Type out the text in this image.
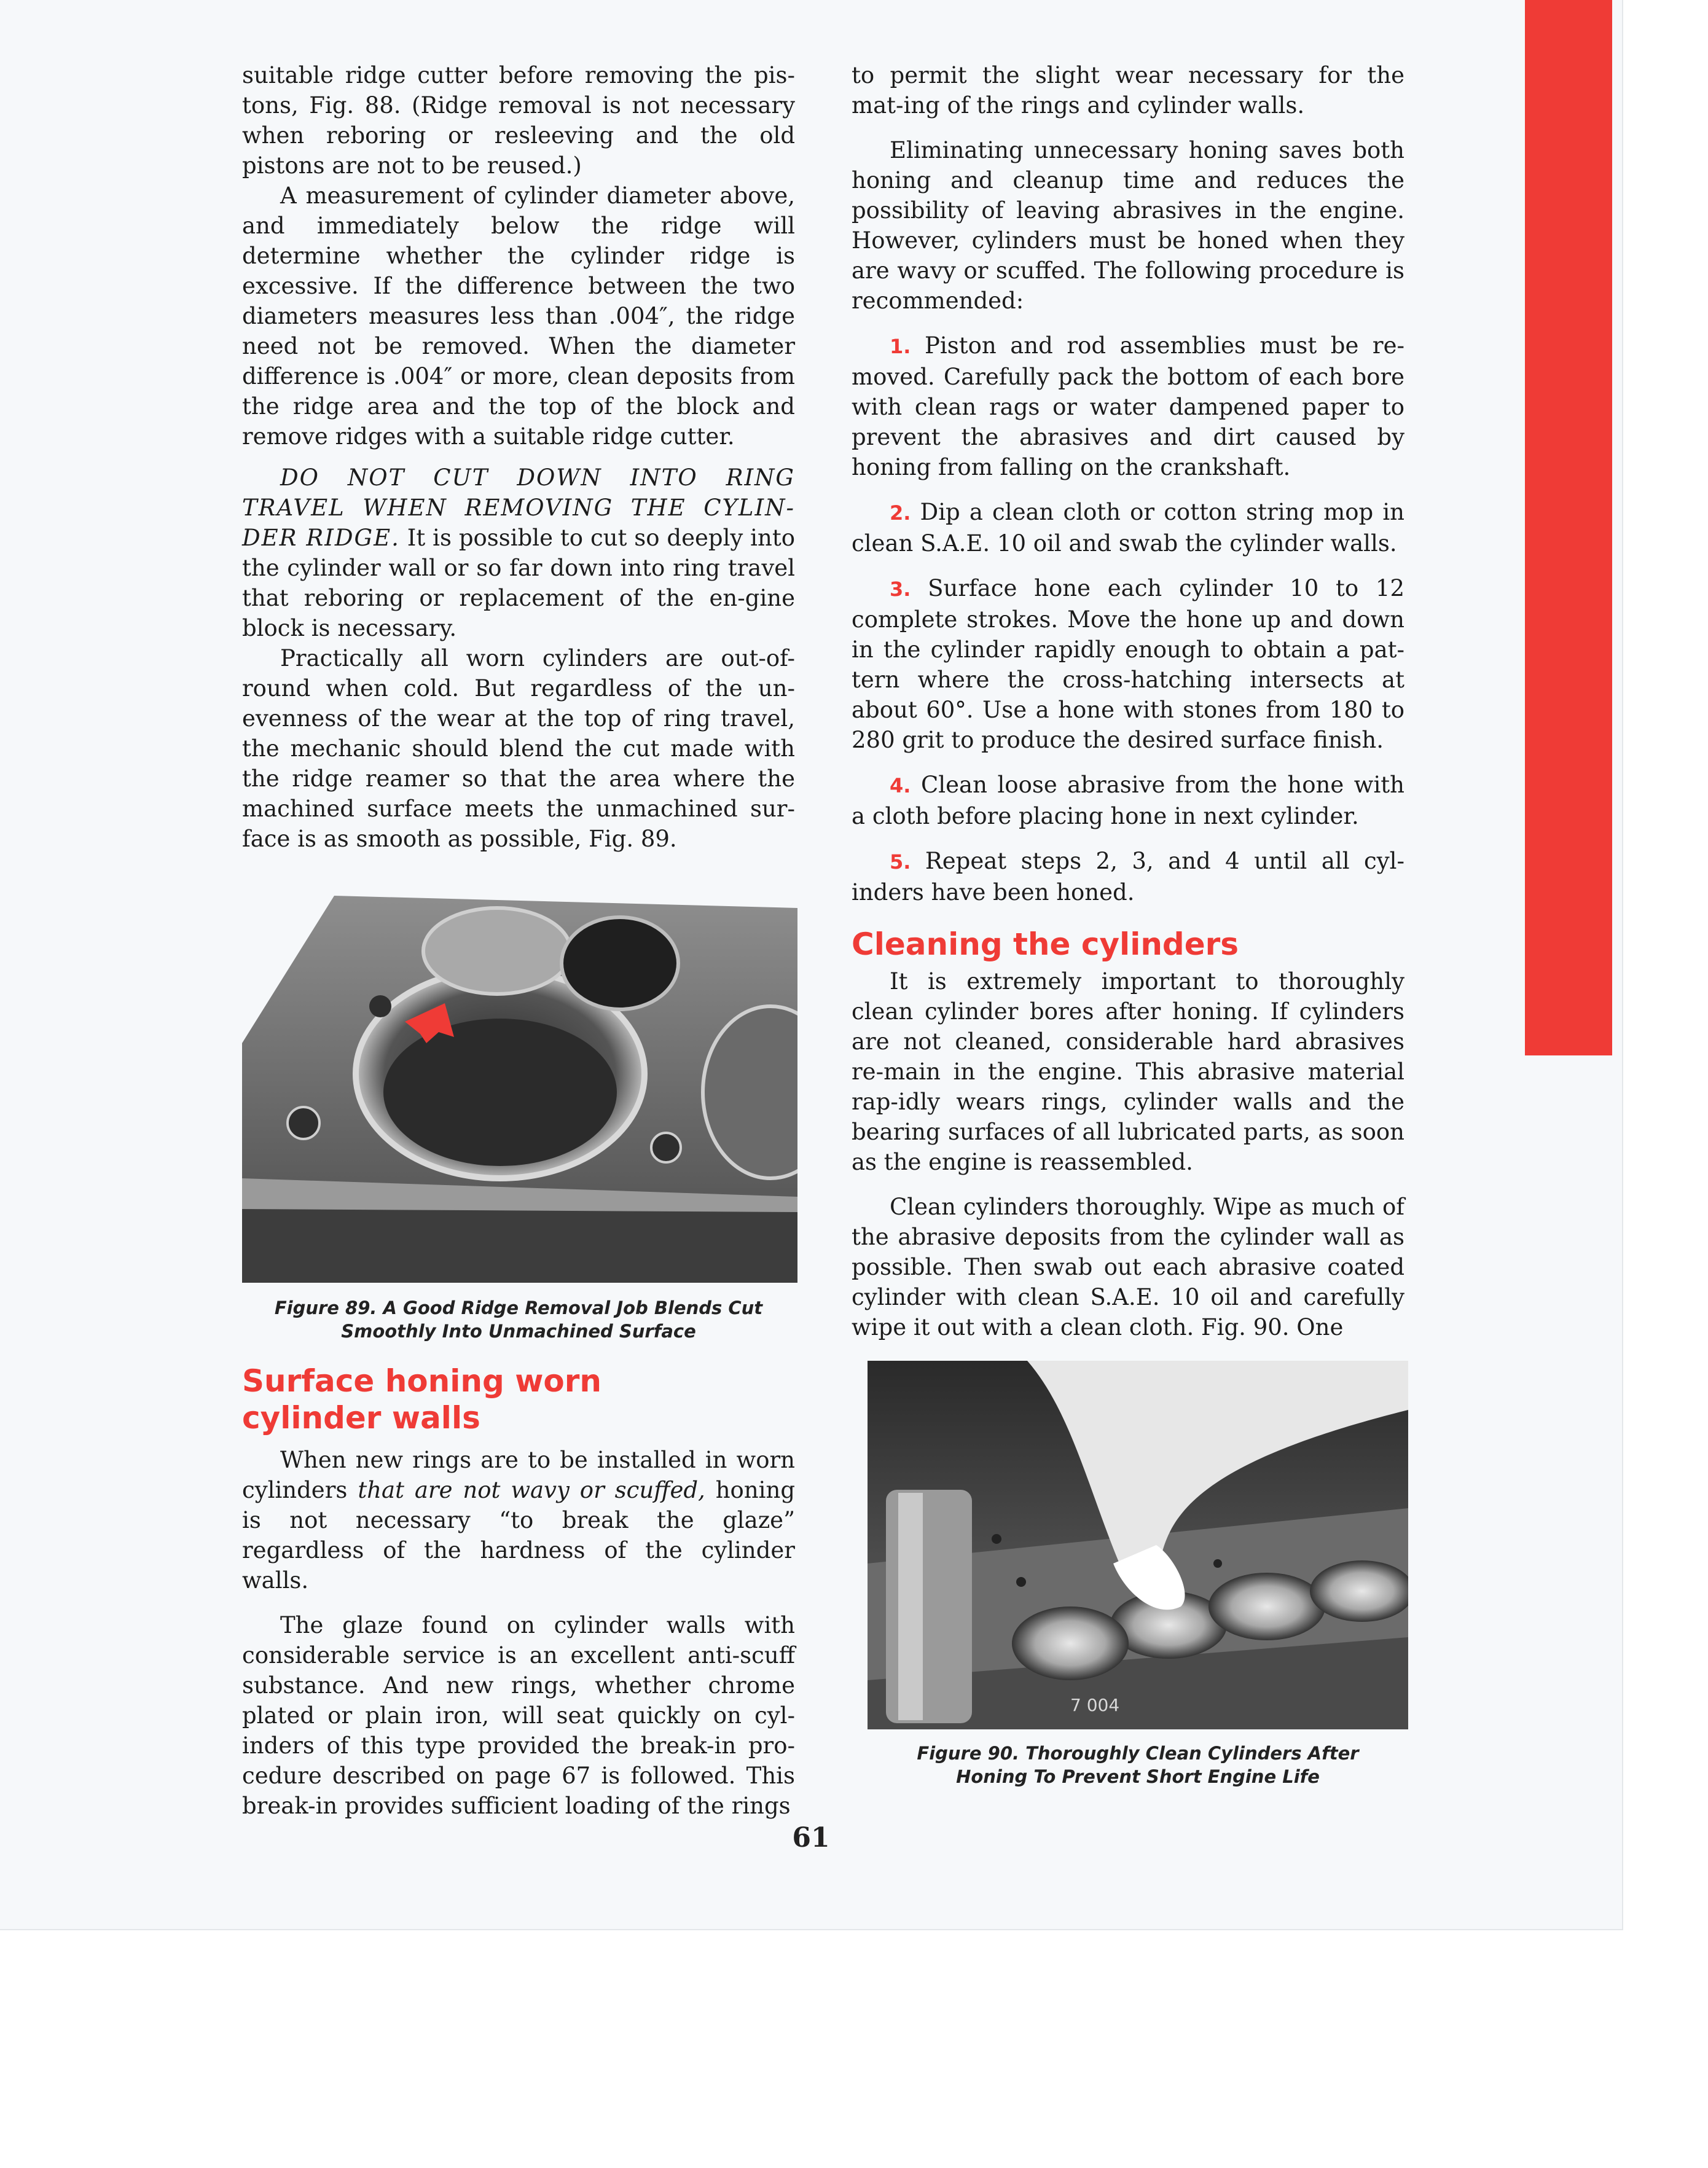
suitable ridge cutter before removing the pis-tons, Fig. 88. (Ridge removal is not necessary when reboring or resleeving and the old pistons are not to be reused.)

A measurement of cylinder diameter above, and immediately below the ridge will determine whether the cylinder ridge is excessive. If the difference between the two diameters measures less than .004″, the ridge need not be removed. When the diameter difference is .004″ or more, clean deposits from the ridge area and the top of the block and remove ridges with a suitable ridge cutter.

DO NOT CUT DOWN INTO RING TRAVEL WHEN REMOVING THE CYLIN-DER RIDGE. It is possible to cut so deeply into the cylinder wall or so far down into ring travel that reboring or replacement of the en-gine block is necessary.

Practically all worn cylinders are out-of-round when cold. But regardless of the un-evenness of the wear at the top of ring travel, the mechanic should blend the cut made with the ridge reamer so that the area where the machined surface meets the unmachined sur-face is as smooth as possible, Fig. 89.

Figure 89. A Good Ridge Removal Job Blends Cut
Smoothly Into Unmachined Surface
Surface honing worn
cylinder walls

When new rings are to be installed in worn cylinders that are not wavy or scuffed, honing is not necessary “to break the glaze” regardless of the hardness of the cylinder walls.

The glaze found on cylinder walls with considerable service is an excellent anti-scuff substance. And new rings, whether chrome plated or plain iron, will seat quickly on cyl-inders of this type provided the break-in pro-cedure described on page 67 is followed. This break-in provides sufficient loading of the rings

to permit the slight wear necessary for the mat-ing of the rings and cylinder walls.

Eliminating unnecessary honing saves both honing and cleanup time and reduces the possibility of leaving abrasives in the engine. However, cylinders must be honed when they are wavy or scuffed. The following procedure is recommended:

1. Piston and rod assemblies must be re-moved. Carefully pack the bottom of each bore with clean rags or water dampened paper to prevent the abrasives and dirt caused by honing from falling on the crankshaft.

2. Dip a clean cloth or cotton string mop in clean S.A.E. 10 oil and swab the cylinder walls.

3. Surface hone each cylinder 10 to 12 complete strokes. Move the hone up and down in the cylinder rapidly enough to obtain a pat-tern where the cross-hatching intersects at about 60°. Use a hone with stones from 180 to 280 grit to produce the desired surface finish.

4. Clean loose abrasive from the hone with a cloth before placing hone in next cylinder.

5. Repeat steps 2, 3, and 4 until all cyl-inders have been honed.

Cleaning the cylinders

It is extremely important to thoroughly clean cylinder bores after honing. If cylinders are not cleaned, considerable hard abrasives re-main in the engine. This abrasive material rap-idly wears rings, cylinder walls and the bearing surfaces of all lubricated parts, as soon as the engine is reassembled.

Clean cylinders thoroughly. Wipe as much of the abrasive deposits from the cylinder wall as possible. Then swab out each abrasive coated cylinder with clean S.A.E. 10 oil and carefully wipe it out with a clean cloth. Fig. 90. One

7 004
Figure 90. Thoroughly Clean Cylinders After
Honing To Prevent Short Engine Life
61
